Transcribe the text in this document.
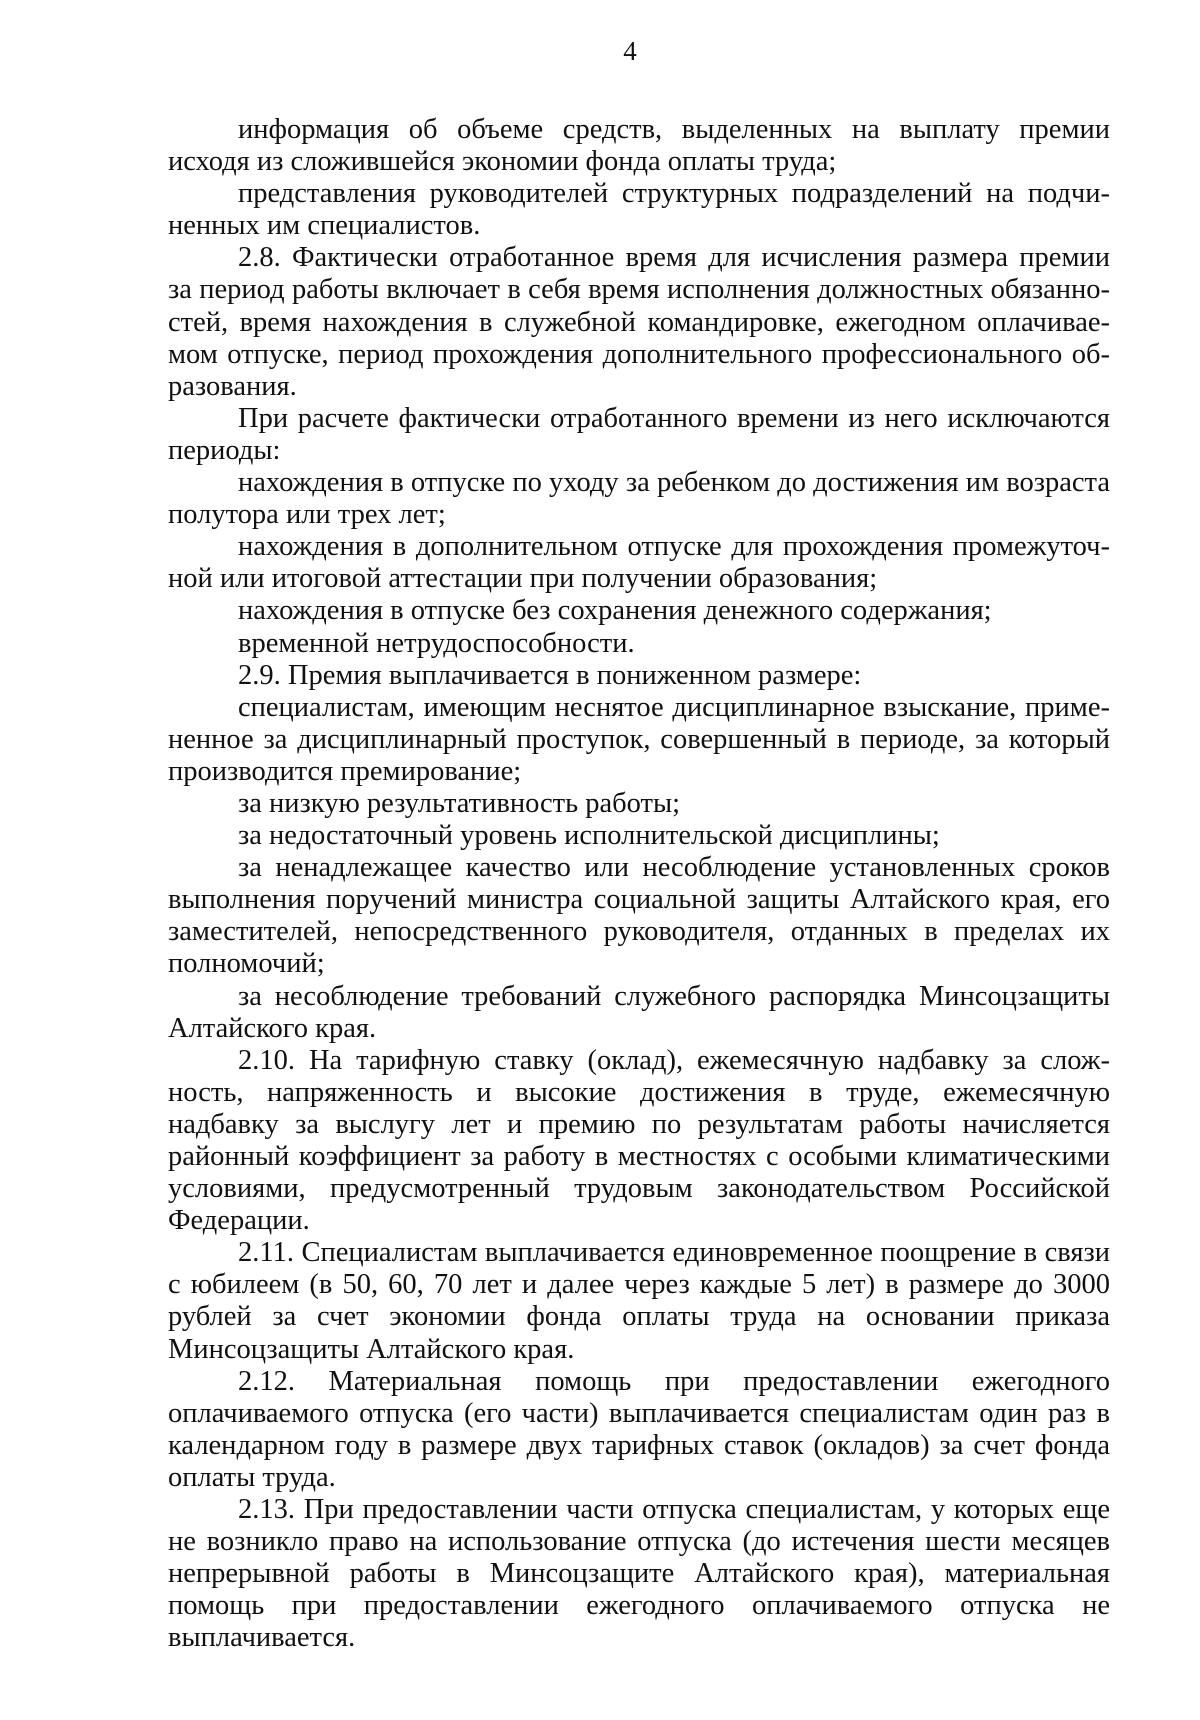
4

информация об объеме средств, выделенных на выплату премии исходя из сложившейся экономии фонда оплаты труда;

представления руководителей структурных подразделений на подчиненных им специалистов.

2.8. Фактически отработанное время для исчисления размера премии за период работы включает в себя время исполнения должностных обязанностей, время нахождения в служебной командировке, ежегодном оплачиваемом отпуске, период прохождения дополнительного профессионального образования.

При расчете фактически отработанного времени из него исключаются периоды:

нахождения в отпуске по уходу за ребенком до достижения им возраста полутора или трех лет;

нахождения в дополнительном отпуске для прохождения промежуточной или итоговой аттестации при получении образования;

нахождения в отпуске без сохранения денежного содержания;

временной нетрудоспособности.

2.9. Премия выплачивается в пониженном размере:

специалистам, имеющим неснятое дисциплинарное взыскание, примененное за дисциплинарный проступок, совершенный в периоде, за который производится премирование;

за низкую результативность работы;

за недостаточный уровень исполнительской дисциплины;

за ненадлежащее качество или несоблюдение установленных сроков выполнения поручений министра социальной защиты Алтайского края, его заместителей, непосредственного руководителя, отданных в пределах их полномочий;

за несоблюдение требований служебного распорядка Минсоцзащиты Алтайского края.

2.10. На тарифную ставку (оклад), ежемесячную надбавку за сложность, напряженность и высокие достижения в труде, ежемесячную надбавку за выслугу лет и премию по результатам работы начисляется районный коэффициент за работу в местностях с особыми климатическими условиями, предусмотренный трудовым законодательством Российской Федерации.

2.11. Специалистам выплачивается единовременное поощрение в связи с юбилеем (в 50, 60, 70 лет и далее через каждые 5 лет) в размере до 3000 рублей за счет экономии фонда оплаты труда на основании приказа Минсоцзащиты Алтайского края.

2.12. Материальная помощь при предоставлении ежегодного оплачиваемого отпуска (его части) выплачивается специалистам один раз в календарном году в размере двух тарифных ставок (окладов) за счет фонда оплаты труда.

2.13. При предоставлении части отпуска специалистам, у которых еще не возникло право на использование отпуска (до истечения шести месяцев непрерывной работы в Минсоцзащите Алтайского края), материальная помощь при предоставлении ежегодного оплачиваемого отпуска не выплачивается.
